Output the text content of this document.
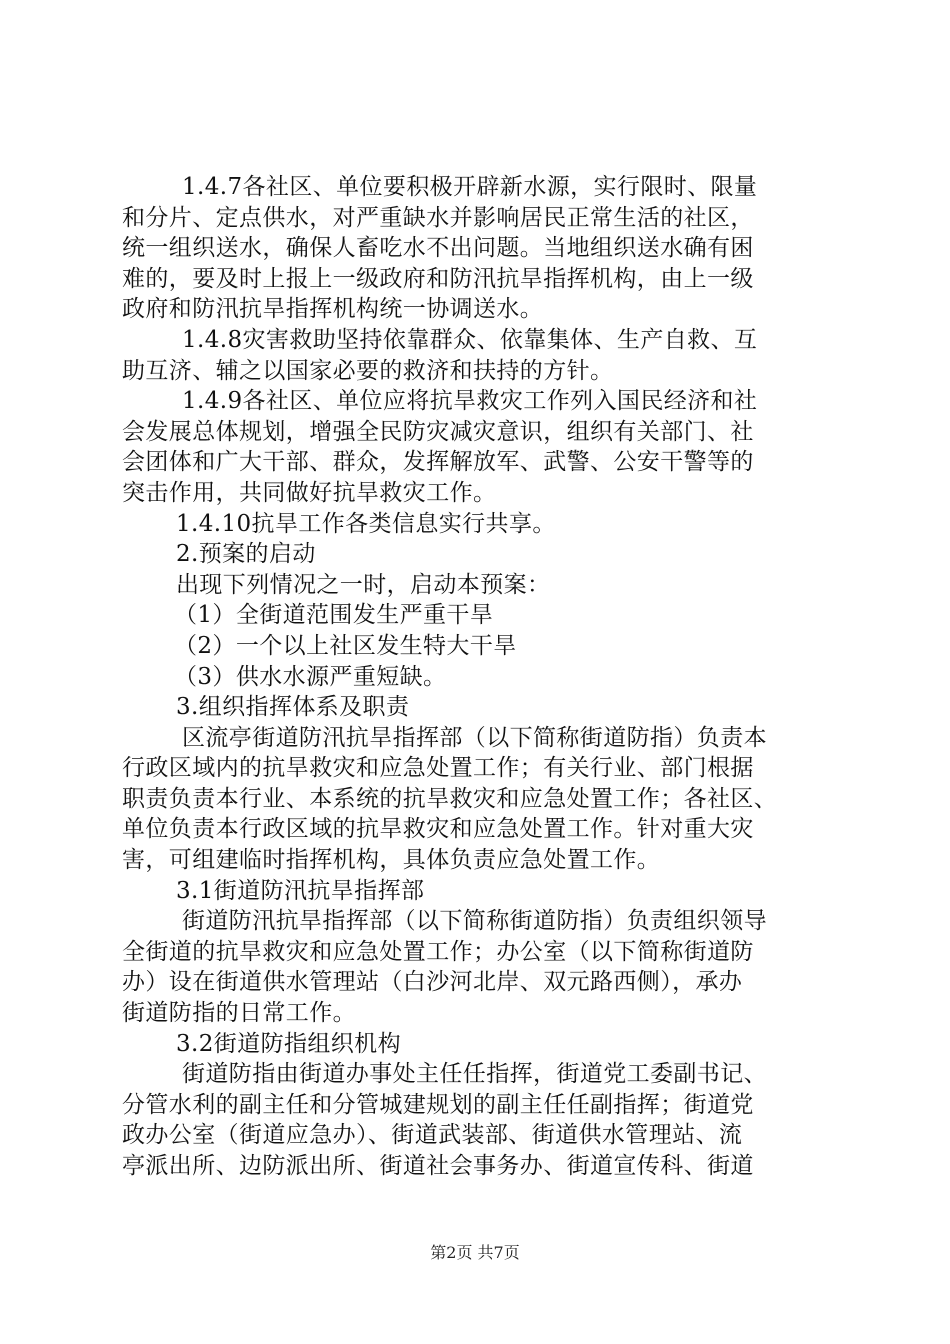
1.4.7各社区、单位要积极开辟新水源，实行限时、限量
和分片、定点供水，对严重缺水并影响居民正常生活的社区，
统一组织送水，确保人畜吃水不出问题。当地组织送水确有困
难的，要及时上报上一级政府和防汛抗旱指挥机构，由上一级
政府和防汛抗旱指挥机构统一协调送水。
1.4.8灾害救助坚持依靠群众、依靠集体、生产自救、互
助互济、辅之以国家必要的救济和扶持的方针。
1.4.9各社区、单位应将抗旱救灾工作列入国民经济和社
会发展总体规划，增强全民防灾减灾意识，组织有关部门、社
会团体和广大干部、群众，发挥解放军、武警、公安干警等的
突击作用，共同做好抗旱救灾工作。
1.4.10抗旱工作各类信息实行共享。
2.预案的启动
出现下列情况之一时，启动本预案：
（1）全街道范围发生严重干旱
（2）一个以上社区发生特大干旱
（3）供水水源严重短缺。
3.组织指挥体系及职责
区流亭街道防汛抗旱指挥部（以下简称街道防指）负责本
行政区域内的抗旱救灾和应急处置工作；有关行业、部门根据
职责负责本行业、本系统的抗旱救灾和应急处置工作；各社区、
单位负责本行政区域的抗旱救灾和应急处置工作。针对重大灾
害，可组建临时指挥机构，具体负责应急处置工作。
3.1街道防汛抗旱指挥部
街道防汛抗旱指挥部（以下简称街道防指）负责组织领导
全街道的抗旱救灾和应急处置工作；办公室（以下简称街道防
办）设在街道供水管理站（白沙河北岸、双元路西侧），承办
街道防指的日常工作。
3.2街道防指组织机构
街道防指由街道办事处主任任指挥，街道党工委副书记、
分管水利的副主任和分管城建规划的副主任任副指挥；街道党
政办公室（街道应急办）、街道武装部、街道供水管理站、流
亭派出所、边防派出所、街道社会事务办、街道宣传科、街道
第2页 共7页
